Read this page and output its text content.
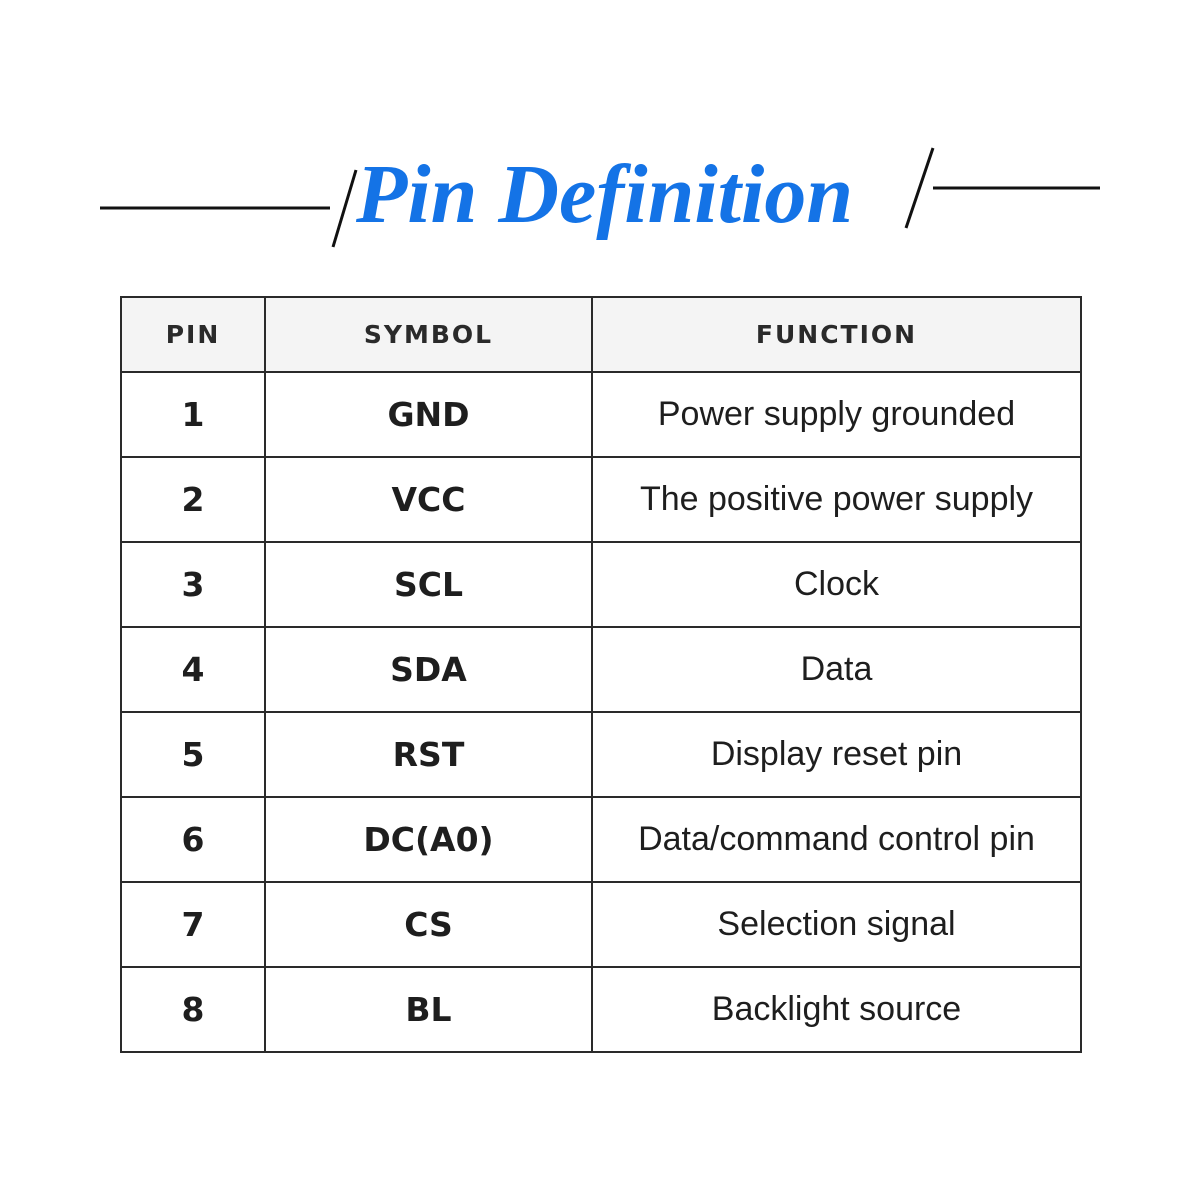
Pin Definition
PIN	SYMBOL	FUNCTION
1	GND	Power supply grounded
2	VCC	The positive power supply
3	SCL	Clock
4	SDA	Data
5	RST	Display reset pin
6	DC(A0)	Data/command control pin
7	CS	Selection signal
8	BL	Backlight source
